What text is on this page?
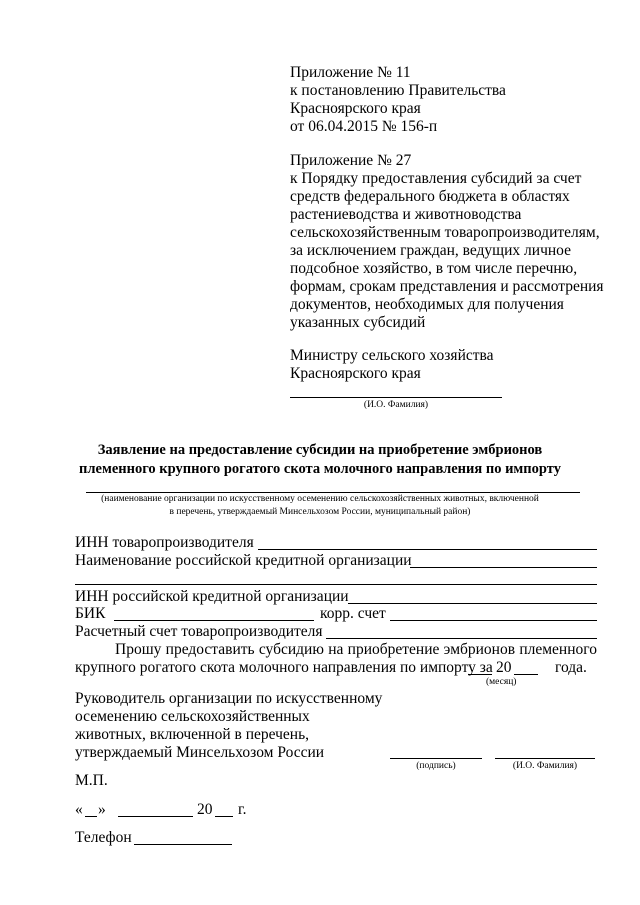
Приложение № 11
к постановлению Правительства
Красноярского края
от 06.04.2015 № 156-п
Приложение № 27
к Порядку предоставления субсидий за счет
средств федерального бюджета в областях
растениеводства и животноводства
сельскохозяйственным товаропроизводителям,
за исключением граждан, ведущих личное
подсобное хозяйство, в том числе перечню,
формам, срокам представления и рассмотрения
документов, необходимых для получения
указанных субсидий
Министру сельского хозяйства
Красноярского края
(И.О. Фамилия)
Заявление на предоставление субсидии на приобретение эмбрионов
племенного крупного рогатого скота молочного направления по импорту
(наименование организации по искусственному осеменению сельскохозяйственных животных, включенной
в перечень, утверждаемый Минсельхозом России, муниципальный район)
ИНН товаропроизводителя
Наименование российской кредитной организации
ИНН российской кредитной организации
БИК	корр. счет
Расчетный счет товаропроизводителя
Прошу предоставить субсидию на приобретение эмбрионов племенного
крупного рогатого скота молочного направления по импорту за 20	года.
(месяц)
Руководитель организации по искусственному
осеменению сельскохозяйственных
животных, включенной в перечень,
утверждаемый Минсельхозом России
(подпись)	(И.О. Фамилия)
М.П.
« »	20 г.
Телефон
